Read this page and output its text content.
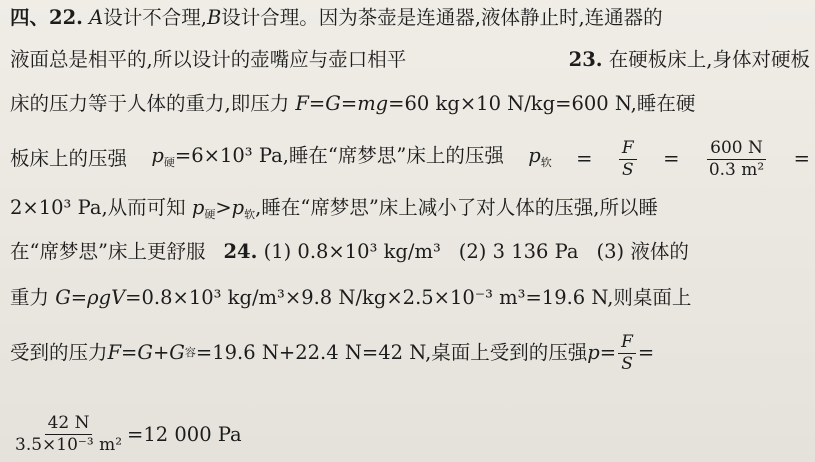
四、22. A设计不合理,B设计合理。因为茶壶是连通器,液体静止时,连通器的
液面总是相平的,所以设计的壶嘴应与壶口相平	23. 在硬板床上,身体对硬板
床的压力等于人体的重力,即压力 F=G=mg=60 kg×10 N/kg=600 N,睡在硬
板床上的压强 $p_硬=6\times 10^3$ Pa,睡在“席梦思”床上的压强 $p_软 = \frac{F}{S} = \frac{600 N}{\text{0.3 m²}}$ =
2×10³ Pa,从而可知 $p_硬>p_软$,睡在“席梦思”床上减小了对人体的压强,所以睡
在“席梦思”床上更舒服 24. (1) 0.8×10³ kg/m³ (2) 3 136 Pa (3) 液体的
重力 G=ρgV=0.8×10³ kg/m³×9.8 N/kg×2.5×10⁻³ m³=19.6 N,则桌面上
受到的压力 F=G+G 容 =19.6 N+22.4 N=42 N,桌面上受到的压强 $p = \frac{F}{S}$ =
$\frac{42 N}{\text{3.5×10⁻³ m²}} =12$ 000 Pa
